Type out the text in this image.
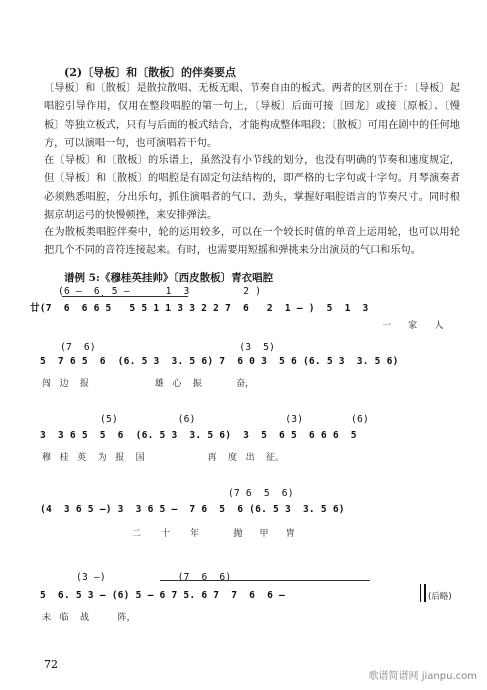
(2)〔导板〕和〔散板〕的伴奏要点
〔导板〕和〔散板〕是散拉散唱、无板无眼、节奏自由的板式。两者的区别在于：〔导板〕起唱腔引导作用，仅用在整段唱腔的第一句上，〔导板〕后面可接〔回龙〕或接〔原板〕、〔慢板〕等独立板式，只有与后面的板式结合，才能构成整体唱段；〔散板〕可用在剧中的任何地方，可以演唱一句，也可演唱若干句。
在〔导板〕和〔散板〕的乐谱上，虽然没有小节线的划分，也没有明确的节奏和速度规定，但〔导板〕和〔散板〕的唱腔是有固定句法结构的，即严格的七字句或十字句。月琴演奏者必须熟悉唱腔，分出乐句，抓住演唱者的气口、劲头，掌握好唱腔语言的节奏尺寸。同时根据京胡运弓的快慢顿挫，来安排弹法。
在为散板类唱腔伴奏中，轮的运用较多，可以在一个较长时值的单音上运用轮，也可以用轮把几个不同的音符连接起来。有时，也需要用短摇和弹挑来分出演员的气口和乐句。
谱例 5:《穆桂英挂帅》〔西皮散板〕青衣唱腔
(6 —  6̣  5 —      1  3         2 )
廿(7  6  6 6 5   5 5 1 1 3 3 2 2 7  6   2  1 — )  5  1  3
一      家      人
(7  6)                        (3  5)
5  7 6 5  6  (6. 5 3  3. 5 6) 7  6 0 3  5 6 (6. 5 3  3. 5 6)
闯   边    报                       雄   心    振            奋，
(5)          (6)               (3)        (6)
3  3 6 5  5  6  (6. 5 3  3. 5 6)  3  5  6 5  6 6 6  5
穆   桂   英    为   报    国                      再    度   出    征。
(7 6  5  6)
(4  3 6 5 —) 3  3 6 5 —  7 6  5  6 (6. 5 3  3. 5 6)
二       十       年            抛      甲      胄
(3 —)            (7  6  6)
5  6. 5 3 — (6) 5 — 6 7 5. 6 7  7  6  6 —
未   临    战          阵，
(后略)
72
歌谱简谱网 jianpu.com
